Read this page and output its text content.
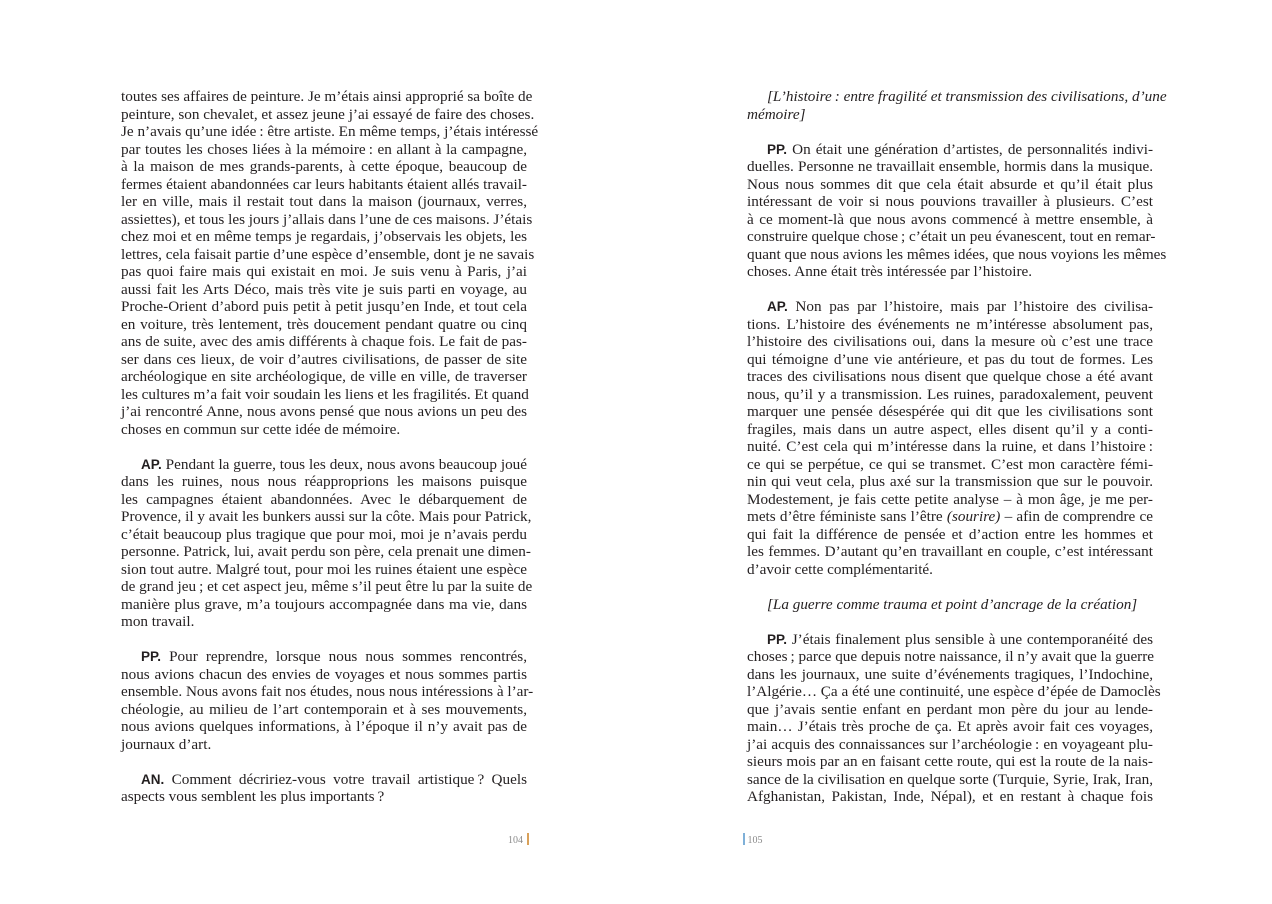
toutes ses affaires de peinture. Je m’étais ainsi approprié sa boîte de
peinture, son chevalet, et assez jeune j’ai essayé de faire des choses.
Je n’avais qu’une idée : être artiste. En même temps, j’étais intéressé
par toutes les choses liées à la mémoire : en allant à la campagne,
à la maison de mes grands-parents, à cette époque, beaucoup de
fermes étaient abandonnées car leurs habitants étaient allés travail-
ler en ville, mais il restait tout dans la maison (journaux, verres,
assiettes), et tous les jours j’allais dans l’une de ces maisons. J’étais
chez moi et en même temps je regardais, j’observais les objets, les
lettres, cela faisait partie d’une espèce d’ensemble, dont je ne savais
pas quoi faire mais qui existait en moi. Je suis venu à Paris, j’ai
aussi fait les Arts Déco, mais très vite je suis parti en voyage, au
Proche-Orient d’abord puis petit à petit jusqu’en Inde, et tout cela
en voiture, très lentement, très doucement pendant quatre ou cinq
ans de suite, avec des amis différents à chaque fois. Le fait de pas-
ser dans ces lieux, de voir d’autres civilisations, de passer de site
archéologique en site archéologique, de ville en ville, de traverser
les cultures m’a fait voir soudain les liens et les fragilités. Et quand
j’ai rencontré Anne, nous avons pensé que nous avions un peu des
choses en commun sur cette idée de mémoire.
AP. Pendant la guerre, tous les deux, nous avons beaucoup joué
dans les ruines, nous nous réapproprions les maisons puisque
les campagnes étaient abandonnées. Avec le débarquement de
Provence, il y avait les bunkers aussi sur la côte. Mais pour Patrick,
c’était beaucoup plus tragique que pour moi, moi je n’avais perdu
personne. Patrick, lui, avait perdu son père, cela prenait une dimen-
sion tout autre. Malgré tout, pour moi les ruines étaient une espèce
de grand jeu ; et cet aspect jeu, même s’il peut être lu par la suite de
manière plus grave, m’a toujours accompagnée dans ma vie, dans
mon travail.
PP. Pour reprendre, lorsque nous nous sommes rencontrés,
nous avions chacun des envies de voyages et nous sommes partis
ensemble. Nous avons fait nos études, nous nous intéressions à l’ar-
chéologie, au milieu de l’art contemporain et à ses mouvements,
nous avions quelques informations, à l’époque il n’y avait pas de
journaux d’art.
AN. Comment décririez-vous votre travail artistique ? Quels
aspects vous semblent les plus importants ?
104
[L’histoire : entre fragilité et transmission des civilisations, d’une
mémoire]
PP. On était une génération d’artistes, de personnalités indivi-
duelles. Personne ne travaillait ensemble, hormis dans la musique.
Nous nous sommes dit que cela était absurde et qu’il était plus
intéressant de voir si nous pouvions travailler à plusieurs. C’est
à ce moment-là que nous avons commencé à mettre ensemble, à
construire quelque chose ; c’était un peu évanescent, tout en remar-
quant que nous avions les mêmes idées, que nous voyions les mêmes
choses. Anne était très intéressée par l’histoire.
AP. Non pas par l’histoire, mais par l’histoire des civilisa-
tions. L’histoire des événements ne m’intéresse absolument pas,
l’histoire des civilisations oui, dans la mesure où c’est une trace
qui témoigne d’une vie antérieure, et pas du tout de formes. Les
traces des civilisations nous disent que quelque chose a été avant
nous, qu’il y a transmission. Les ruines, paradoxalement, peuvent
marquer une pensée désespérée qui dit que les civilisations sont
fragiles, mais dans un autre aspect, elles disent qu’il y a conti-
nuité. C’est cela qui m’intéresse dans la ruine, et dans l’histoire :
ce qui se perpétue, ce qui se transmet. C’est mon caractère fémi-
nin qui veut cela, plus axé sur la transmission que sur le pouvoir.
Modestement, je fais cette petite analyse – à mon âge, je me per-
mets d’être féministe sans l’être (sourire) – afin de comprendre ce
qui fait la différence de pensée et d’action entre les hommes et
les femmes. D’autant qu’en travaillant en couple, c’est intéressant
d’avoir cette complémentarité.
[La guerre comme trauma et point d’ancrage de la création]
PP. J’étais finalement plus sensible à une contemporanéité des
choses ; parce que depuis notre naissance, il n’y avait que la guerre
dans les journaux, une suite d’événements tragiques, l’Indochine,
l’Algérie… Ça a été une continuité, une espèce d’épée de Damoclès
que j’avais sentie enfant en perdant mon père du jour au lende-
main… J’étais très proche de ça. Et après avoir fait ces voyages,
j’ai acquis des connaissances sur l’archéologie : en voyageant plu-
sieurs mois par an en faisant cette route, qui est la route de la nais-
sance de la civilisation en quelque sorte (Turquie, Syrie, Irak, Iran,
Afghanistan, Pakistan, Inde, Népal), et en restant à chaque fois
105
